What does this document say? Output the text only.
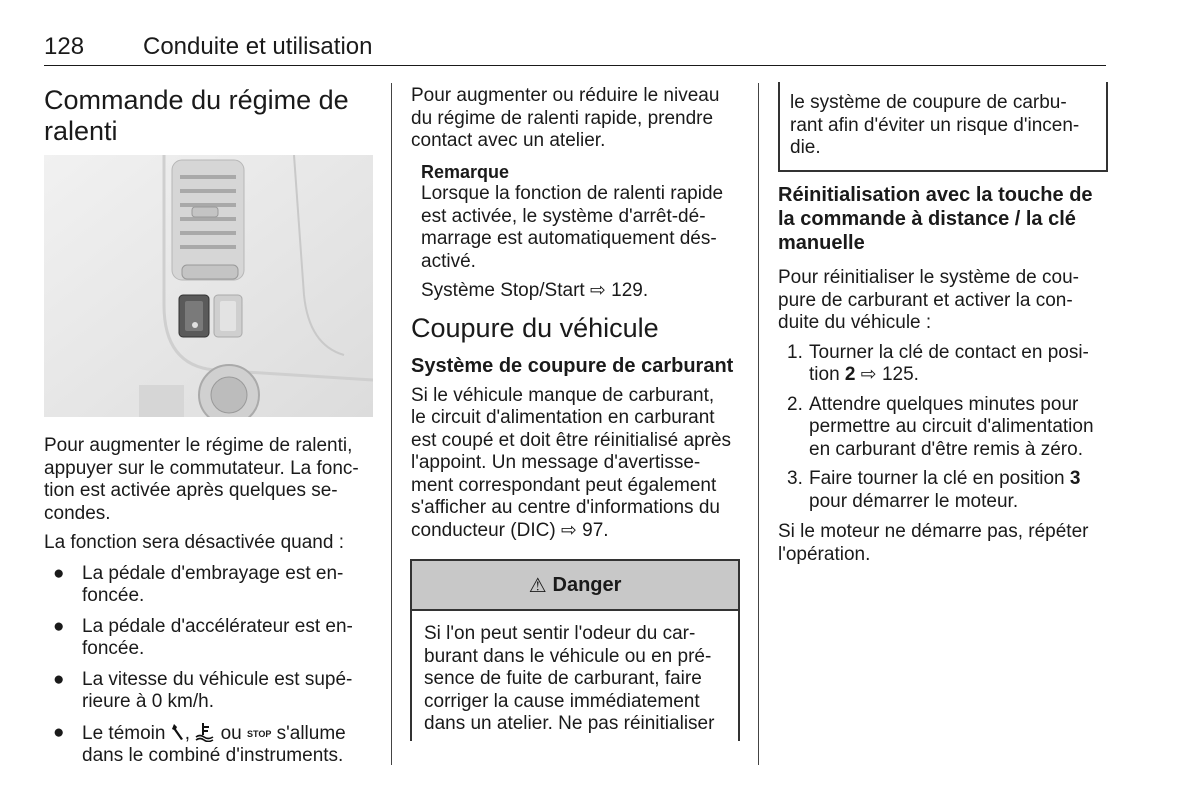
128 Conduite et utilisation
Commande du régime de
ralenti

Pour augmenter le régime de ralenti,
appuyer sur le commutateur. La fonc-
tion est activée après quelques se-
condes.

La fonction sera désactivée quand :

● La pédale d'embrayage est en-
foncée.
● La pédale d'accélérateur est en-
foncée.
● La vitesse du véhicule est supé-
rieure à 0 km/h.
● Le témoin ,  ou STOP s'allume
dans le combiné d'instruments.

Pour augmenter ou réduire le niveau
du régime de ralenti rapide, prendre
contact avec un atelier.

Remarque

Lorsque la fonction de ralenti rapide
est activée, le système d'arrêt-dé-
marrage est automatiquement dés-
activé.

Système Stop/Start ⇨ 129.

Coupure du véhicule
Système de coupure de carburant

Si le véhicule manque de carburant,
le circuit d'alimentation en carburant
est coupé et doit être réinitialisé après
l'appoint. Un message d'avertisse-
ment correspondant peut également
s'afficher au centre d'informations du
conducteur (DIC) ⇨ 97.

⚠ Danger

Si l'on peut sentir l'odeur du car-
burant dans le véhicule ou en pré-
sence de fuite de carburant, faire
corriger la cause immédiatement
dans un atelier. Ne pas réinitialiser

le système de coupure de carbu-
rant afin d'éviter un risque d'incen-
die.

Réinitialisation avec la touche de
la commande à distance / la clé
manuelle

Pour réinitialiser le système de cou-
pure de carburant et activer la con-
duite du véhicule :

1. Tourner la clé de contact en posi-
tion 2 ⇨ 125.
2. Attendre quelques minutes pour
permettre au circuit d'alimentation
en carburant d'être remis à zéro.
3. Faire tourner la clé en position 3
pour démarrer le moteur.

Si le moteur ne démarre pas, répéter
l'opération.
